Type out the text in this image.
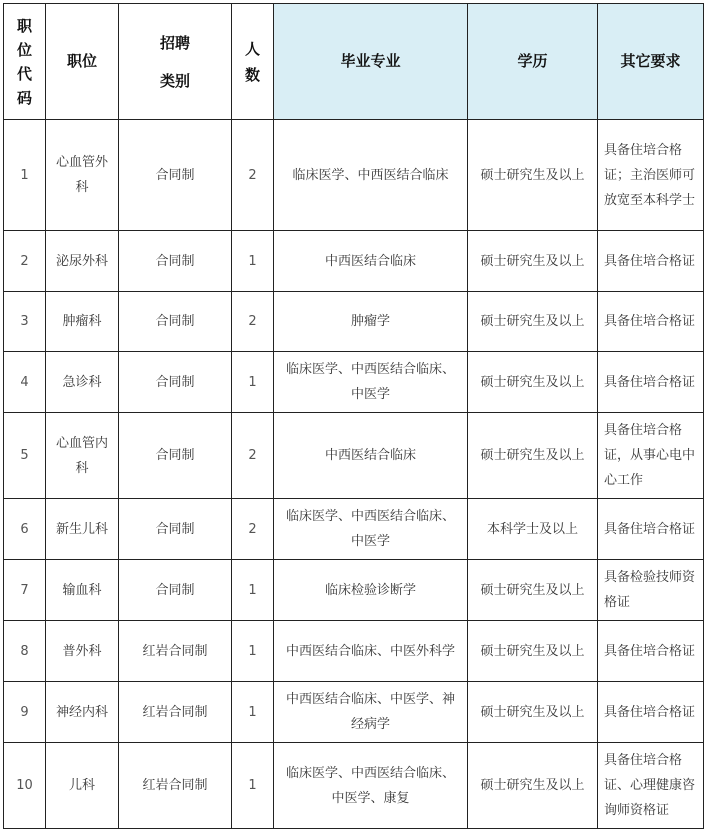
职位代码	职位	招聘类别	人数	毕业专业	学历	其它要求

1	心血管外科	合同制	2	临床医学、中西医结合临床	硕士研究生及以上	具备住培合格证；主治医师可放宽至本科学士

2	泌尿外科	合同制	1	中西医结合临床	硕士研究生及以上	具备住培合格证

3	肿瘤科	合同制	2	肿瘤学	硕士研究生及以上	具备住培合格证

4	急诊科	合同制	1	临床医学、中西医结合临床、中医学	硕士研究生及以上	具备住培合格证

5	心血管内科	合同制	2	中西医结合临床	硕士研究生及以上	具备住培合格证，从事心电中心工作

6	新生儿科	合同制	2	临床医学、中西医结合临床、中医学	本科学士及以上	具备住培合格证

7	输血科	合同制	1	临床检验诊断学	硕士研究生及以上	具备检验技师资格证

8	普外科	红岩合同制	1	中西医结合临床、中医外科学	硕士研究生及以上	具备住培合格证

9	神经内科	红岩合同制	1	中西医结合临床、中医学、神经病学	硕士研究生及以上	具备住培合格证

10	儿科	红岩合同制	1	临床医学、中西医结合临床、中医学、康复	硕士研究生及以上	具备住培合格证、心理健康咨询师资格证
